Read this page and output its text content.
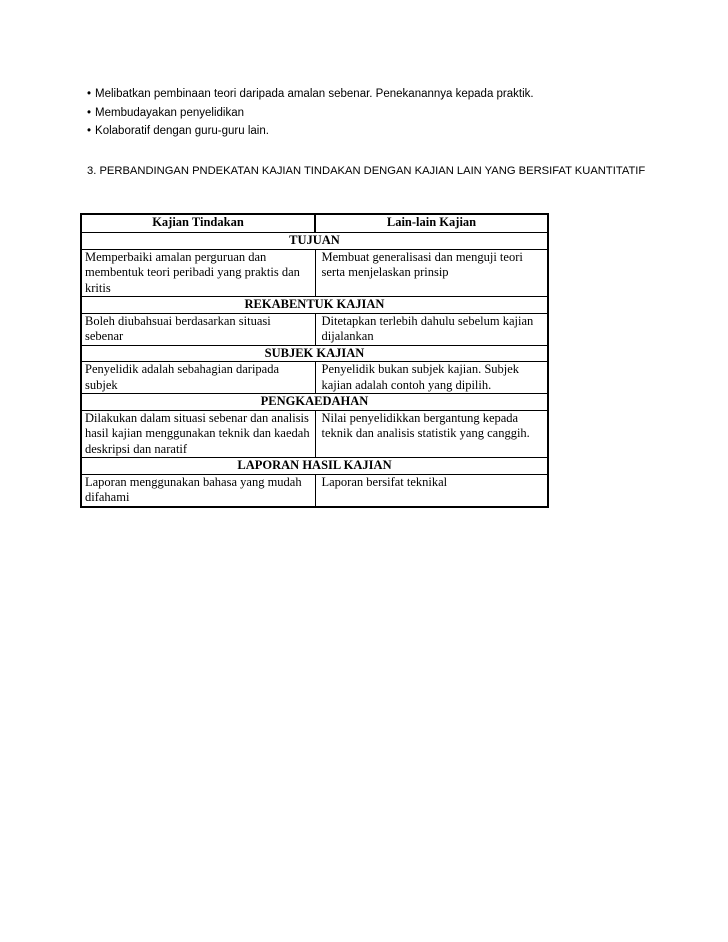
• Melibatkan pembinaan teori daripada amalan sebenar. Penekanannya kepada praktik.
• Membudayakan penyelidikan
• Kolaboratif dengan guru-guru lain.

3. PERBANDINGAN PNDEKATAN KAJIAN TINDAKAN DENGAN KAJIAN LAIN YANG BERSIFAT KUANTITATIF

Kajian Tindakan	Lain-lain Kajian
TUJUAN	
Memperbaiki amalan perguruan dan membentuk teori peribadi yang praktis dan kritis	Membuat generalisasi dan menguji teori serta menjelaskan prinsip
REKABENTUK KAJIAN	
Boleh diubahsuai berdasarkan situasi sebenar	Ditetapkan terlebih dahulu sebelum kajian dijalankan
SUBJEK KAJIAN	
Penyelidik adalah sebahagian daripada subjek	Penyelidik bukan subjek kajian. Subjek kajian adalah contoh yang dipilih.
PENGKAEDAHAN	
Dilakukan dalam situasi sebenar dan analisis hasil kajian menggunakan teknik dan kaedah deskripsi dan naratif	Nilai penyelidikkan bergantung kepada teknik dan analisis statistik yang canggih.
LAPORAN HASIL KAJIAN	
Laporan menggunakan bahasa yang mudah difahami	Laporan bersifat teknikal
